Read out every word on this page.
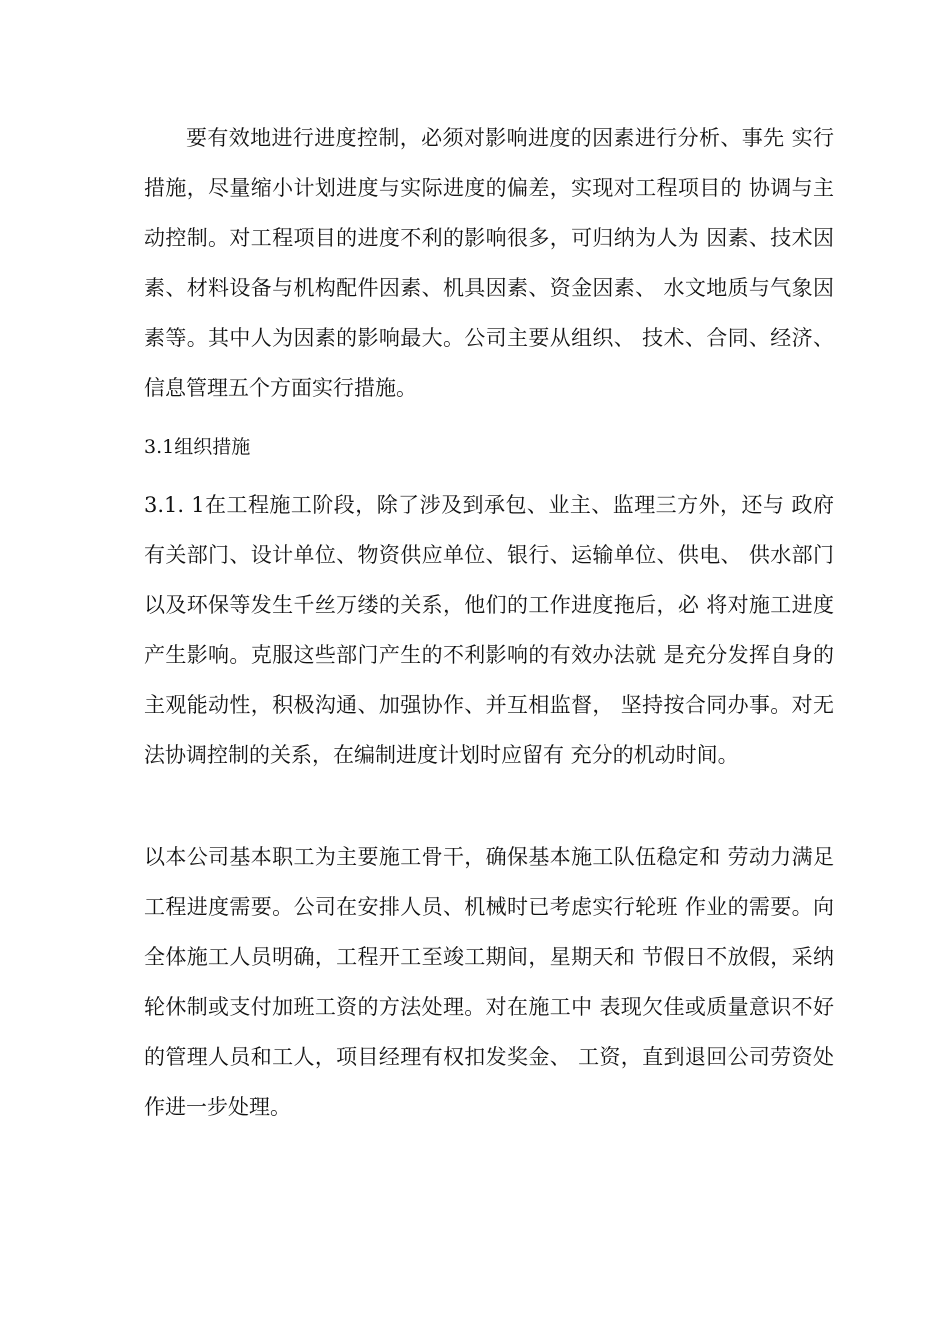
要有效地进行进度控制，必须对影响进度的因素进行分析、事先 实行措施，尽量缩小计划进度与实际进度的偏差，实现对工程项目的 协调与主动控制。对工程项目的进度不利的影响很多，可归纳为人为 因素、技术因素、材料设备与机构配件因素、机具因素、资金因素、 水文地质与气象因素等。其中人为因素的影响最大。公司主要从组织、 技术、合同、经济、信息管理五个方面实行措施。

3.1组织措施

3.1. 1在工程施工阶段，除了涉及到承包、业主、监理三方外，还与 政府有关部门、设计单位、物资供应单位、银行、运输单位、供电、 供水部门以及环保等发生千丝万缕的关系，他们的工作进度拖后，必 将对施工进度产生影响。克服这些部门产生的不利影响的有效办法就 是充分发挥自身的主观能动性，积极沟通、加强协作、并互相监督， 坚持按合同办事。对无法协调控制的关系，在编制进度计划时应留有 充分的机动时间。

以本公司基本职工为主要施工骨干，确保基本施工队伍稳定和 劳动力满足工程进度需要。公司在安排人员、机械时已考虑实行轮班 作业的需要。向全体施工人员明确，工程开工至竣工期间，星期天和 节假日不放假，采纳轮休制或支付加班工资的方法处理。对在施工中 表现欠佳或质量意识不好的管理人员和工人，项目经理有权扣发奖金、 工资，直到退回公司劳资处作进一步处理。
